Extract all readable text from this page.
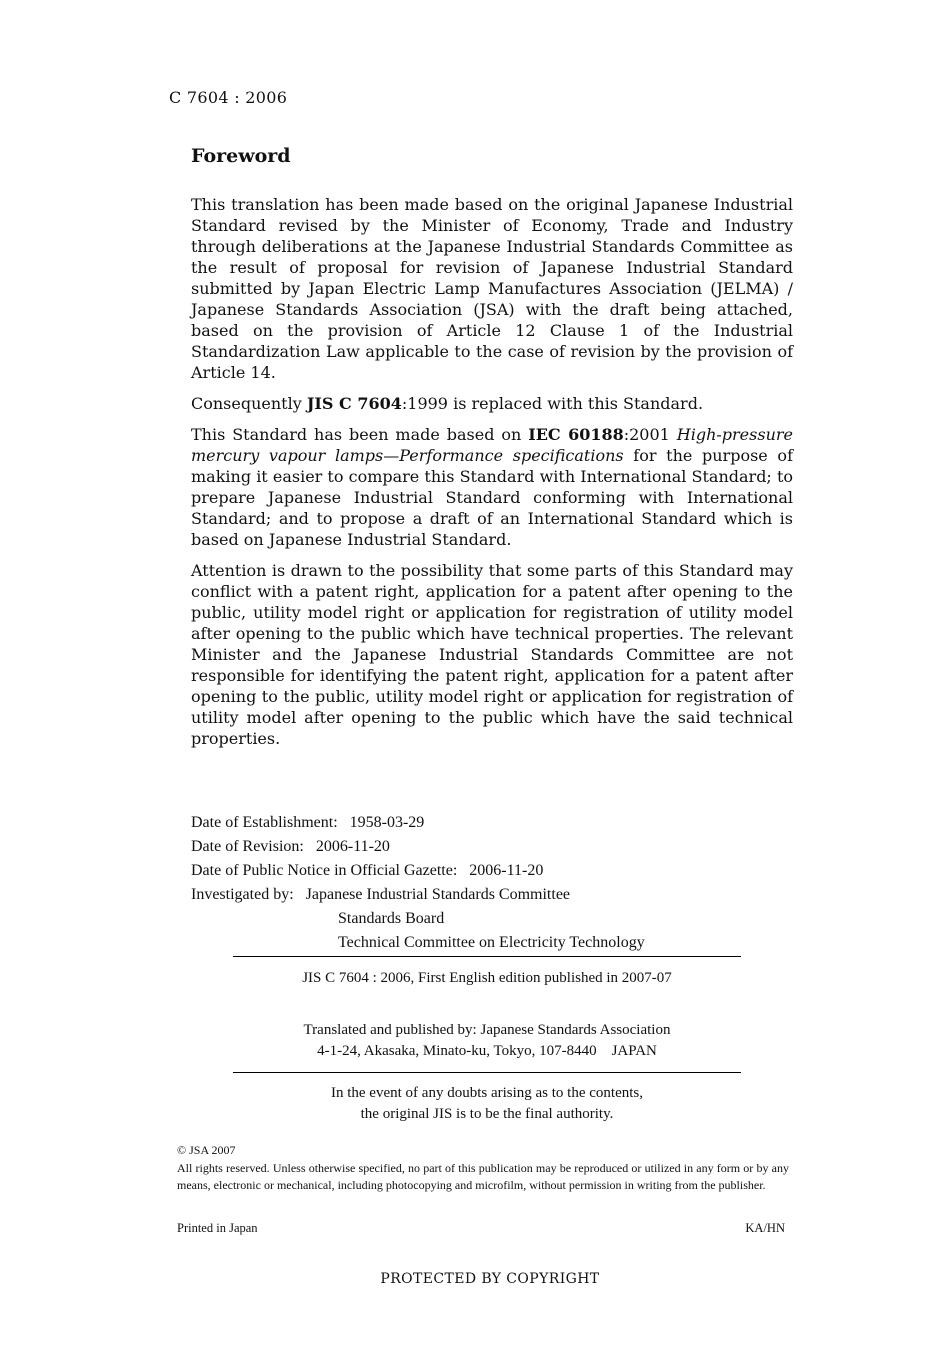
C 7604 : 2006
Foreword

This translation has been made based on the original Japanese Industrial Standard revised by the Minister of Economy, Trade and Industry through deliberations at the Japanese Industrial Standards Committee as the result of proposal for revision of Japanese Industrial Standard submitted by Japan Electric Lamp Manufactures Association (JELMA) / Japanese Standards Association (JSA) with the draft being attached, based on the provision of Article 12 Clause 1 of the Industrial Standardization Law applicable to the case of revision by the provision of Article 14.

Consequently JIS C 7604:1999 is replaced with this Standard.

This Standard has been made based on IEC 60188:2001 High-pressure mercury vapour lamps—Performance specifications for the purpose of making it easier to compare this Standard with International Standard; to prepare Japanese Industrial Standard conforming with International Standard; and to propose a draft of an International Standard which is based on Japanese Industrial Standard.

Attention is drawn to the possibility that some parts of this Standard may conflict with a patent right, application for a patent after opening to the public, utility model right or application for registration of utility model after opening to the public which have technical properties. The relevant Minister and the Japanese Industrial Standards Committee are not responsible for identifying the patent right, application for a patent after opening to the public, utility model right or application for registration of utility model after opening to the public which have the said technical properties.

Date of Establishment:   1958-03-29
Date of Revision:   2006-11-20
Date of Public Notice in Official Gazette:   2006-11-20
Investigated by:   Japanese Industrial Standards Committee
Standards Board
Technical Committee on Electricity Technology
JIS C 7604 : 2006, First English edition published in 2007-07
Translated and published by: Japanese Standards Association
4-1-24, Akasaka, Minato-ku, Tokyo, 107-8440    JAPAN
In the event of any doubts arising as to the contents,
the original JIS is to be the final authority.
© JSA 2007
All rights reserved. Unless otherwise specified, no part of this publication may be reproduced or utilized in any form or by any means, electronic or mechanical, including photocopying and microfilm, without permission in writing from the publisher.
Printed in Japan	KA/HN
PROTECTED BY COPYRIGHT
